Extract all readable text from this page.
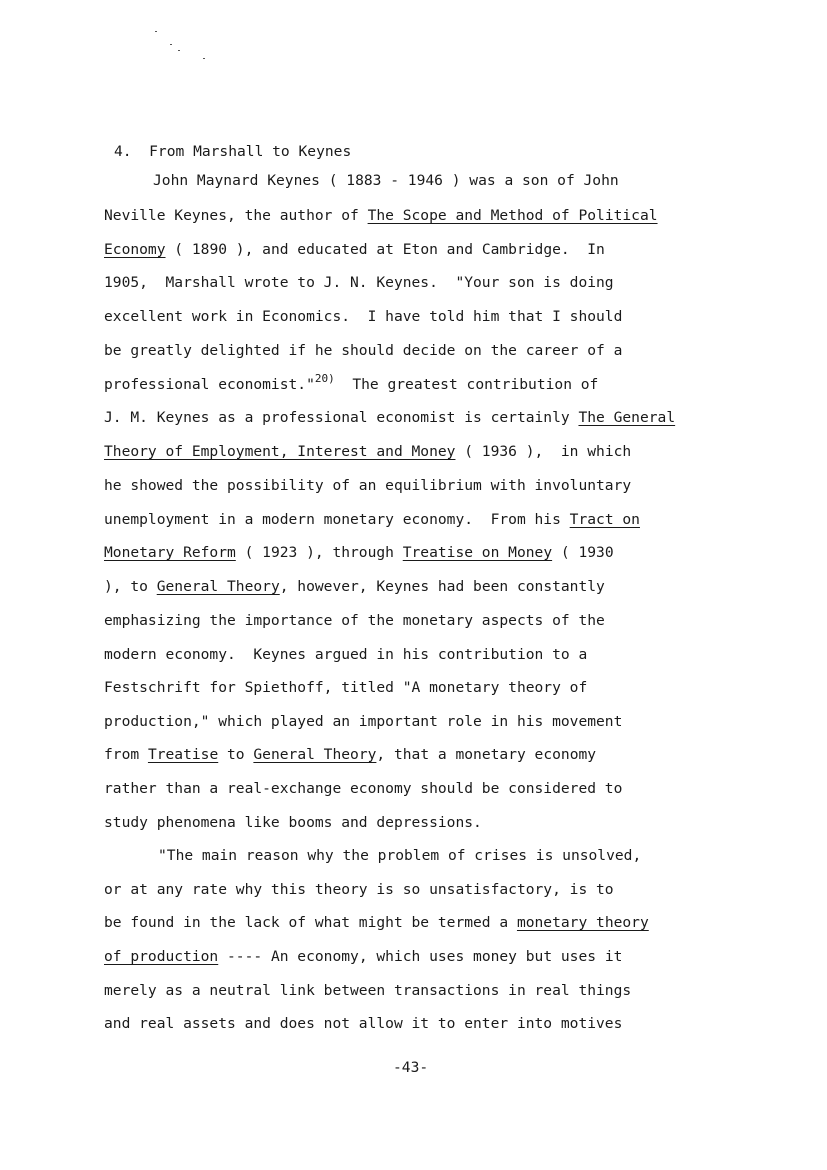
4.  From Marshall to Keynes
John Maynard Keynes ( 1883 - 1946 ) was a son of John
Neville Keynes, the author of The Scope and Method of Political
Economy ( 1890 ), and educated at Eton and Cambridge.  In
1905,  Marshall wrote to J. N. Keynes.  "Your son is doing
excellent work in Economics.  I have told him that I should
be greatly delighted if he should decide on the career of a
professional economist."$^{20)}$  The greatest contribution of
J. M. Keynes as a professional economist is certainly The General
Theory of Employment, Interest and Money ( 1936 ),  in which
he showed the possibility of an equilibrium with involuntary
unemployment in a modern monetary economy.  From his Tract on
Monetary Reform ( 1923 ), through Treatise on Money ( 1930
), to General Theory, however, Keynes had been constantly
emphasizing the importance of the monetary aspects of the
modern economy.  Keynes argued in his contribution to a
Festschrift for Spiethoff, titled "A monetary theory of
production," which played an important role in his movement
from Treatise to General Theory, that a monetary economy
rather than a real-exchange economy should be considered to
study phenomena like booms and depressions.
"The main reason why the problem of crises is unsolved,
or at any rate why this theory is so unsatisfactory, is to
be found in the lack of what might be termed a monetary theory
of production ---- An economy, which uses money but uses it
merely as a neutral link between transactions in real things
and real assets and does not allow it to enter into motives
-43-
